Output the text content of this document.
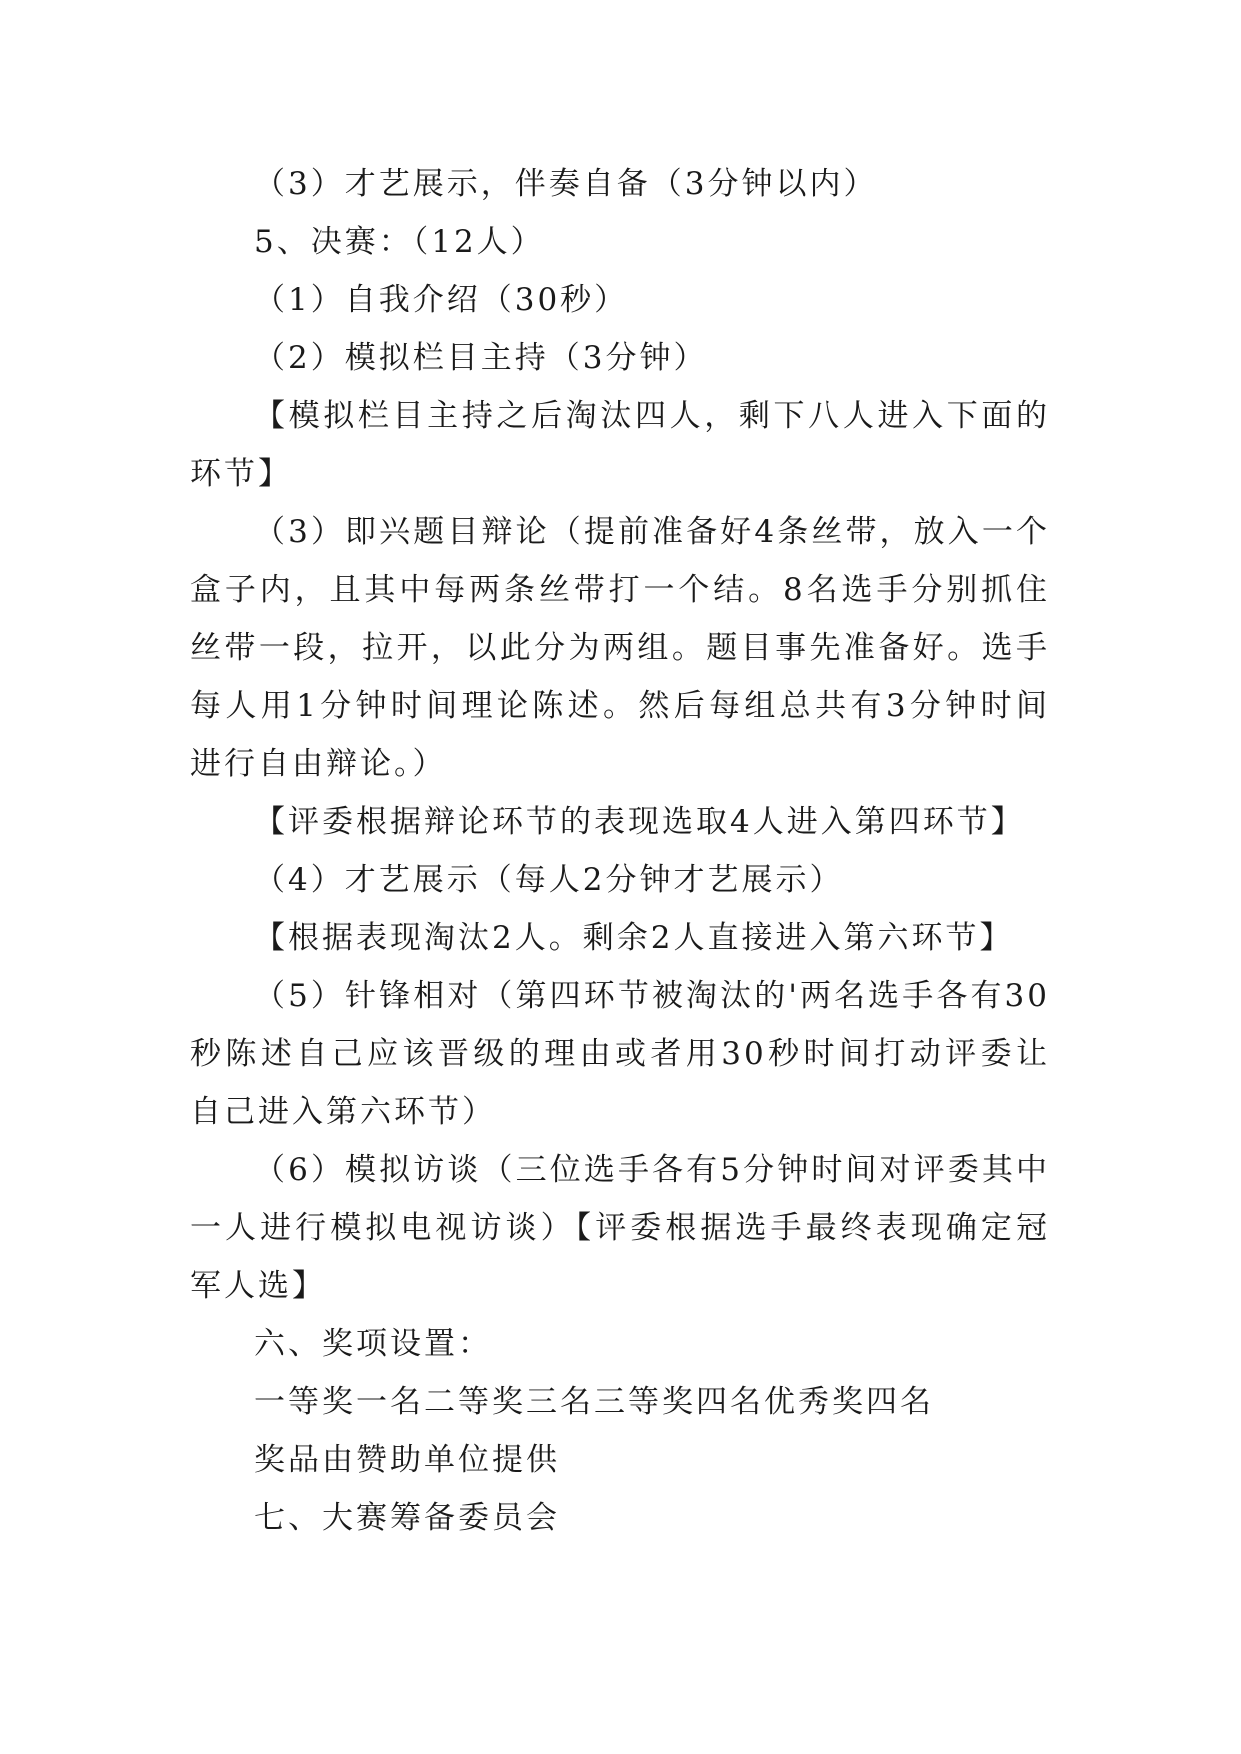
（3）才艺展示，伴奏自备（3分钟以内）

5、决赛：（12人）

（1）自我介绍（30秒）

（2）模拟栏目主持（3分钟）

【模拟栏目主持之后淘汰四人，剩下八人进入下面的环节】

（3）即兴题目辩论（提前准备好4条丝带，放入一个盒子内，且其中每两条丝带打一个结。8名选手分别抓住丝带一段，拉开，以此分为两组。题目事先准备好。选手每人用1分钟时间理论陈述。然后每组总共有3分钟时间进行自由辩论。）

【评委根据辩论环节的表现选取4人进入第四环节】

（4）才艺展示（每人2分钟才艺展示）

【根据表现淘汰2人。剩余2人直接进入第六环节】

（5）针锋相对（第四环节被淘汰的'两名选手各有30秒陈述自己应该晋级的理由或者用30秒时间打动评委让自己进入第六环节）

（6）模拟访谈（三位选手各有5分钟时间对评委其中一人进行模拟电视访谈）【评委根据选手最终表现确定冠军人选】

六、奖项设置：

一等奖一名二等奖三名三等奖四名优秀奖四名

奖品由赞助单位提供

七、大赛筹备委员会
